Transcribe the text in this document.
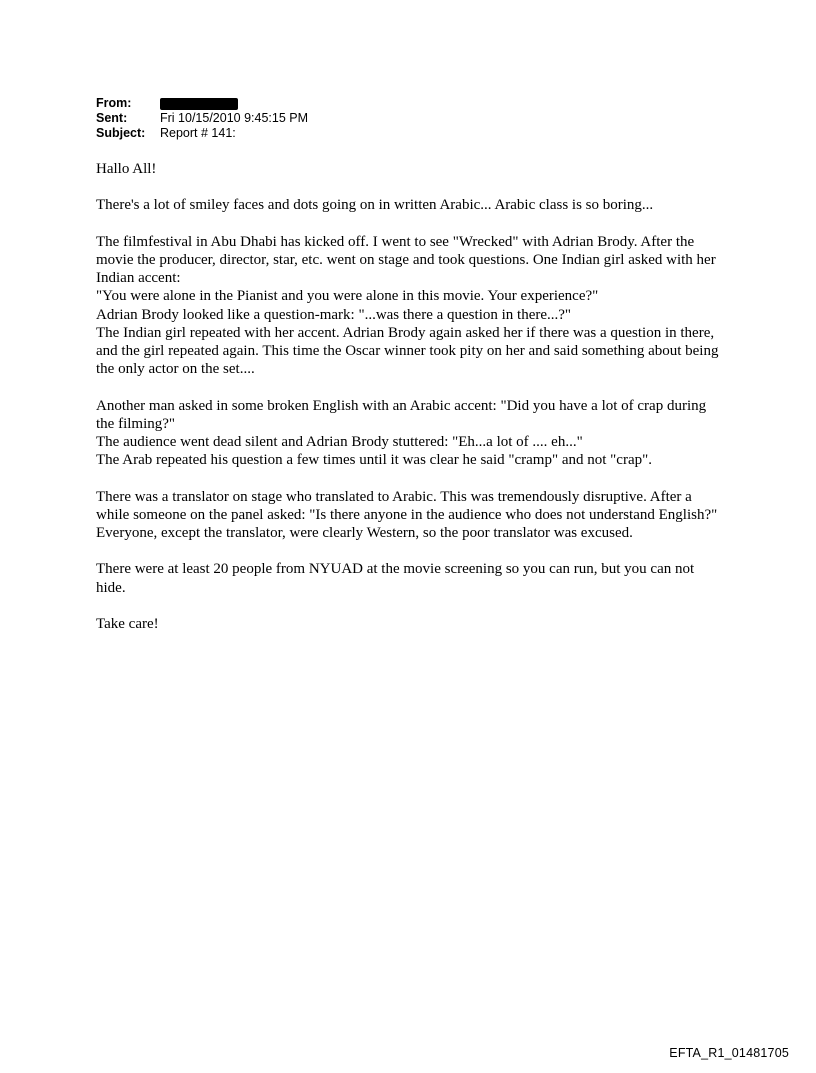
From:
Sent:	Fri 10/15/2010 9:45:15 PM
Subject:	Report # 141:

Hallo All!

There's a lot of smiley faces and dots going on in written Arabic... Arabic class is so boring...

The filmfestival in Abu Dhabi has kicked off. I went to see "Wrecked" with Adrian Brody. After the movie the producer, director, star, etc. went on stage and took questions. One Indian girl asked with her Indian accent:
"You were alone in the Pianist and you were alone in this movie. Your experience?"
Adrian Brody looked like a question-mark: "...was there a question in there...?"
The Indian girl repeated with her accent. Adrian Brody again asked her if there was a question in there, and the girl repeated again. This time the Oscar winner took pity on her and said something about being the only actor on the set....

Another man asked in some broken English with an Arabic accent: "Did you have a lot of crap during the filming?"
The audience went dead silent and Adrian Brody stuttered: "Eh...a lot of .... eh..."
The Arab repeated his question a few times until it was clear he said "cramp" and not "crap".

There was a translator on stage who translated to Arabic. This was tremendously disruptive. After a while someone on the panel asked: "Is there anyone in the audience who does not understand English?" Everyone, except the translator, were clearly Western, so the poor translator was excused.

There were at least 20 people from NYUAD at the movie screening so you can run, but you can not hide.

Take care!

EFTA_R1_01481705
